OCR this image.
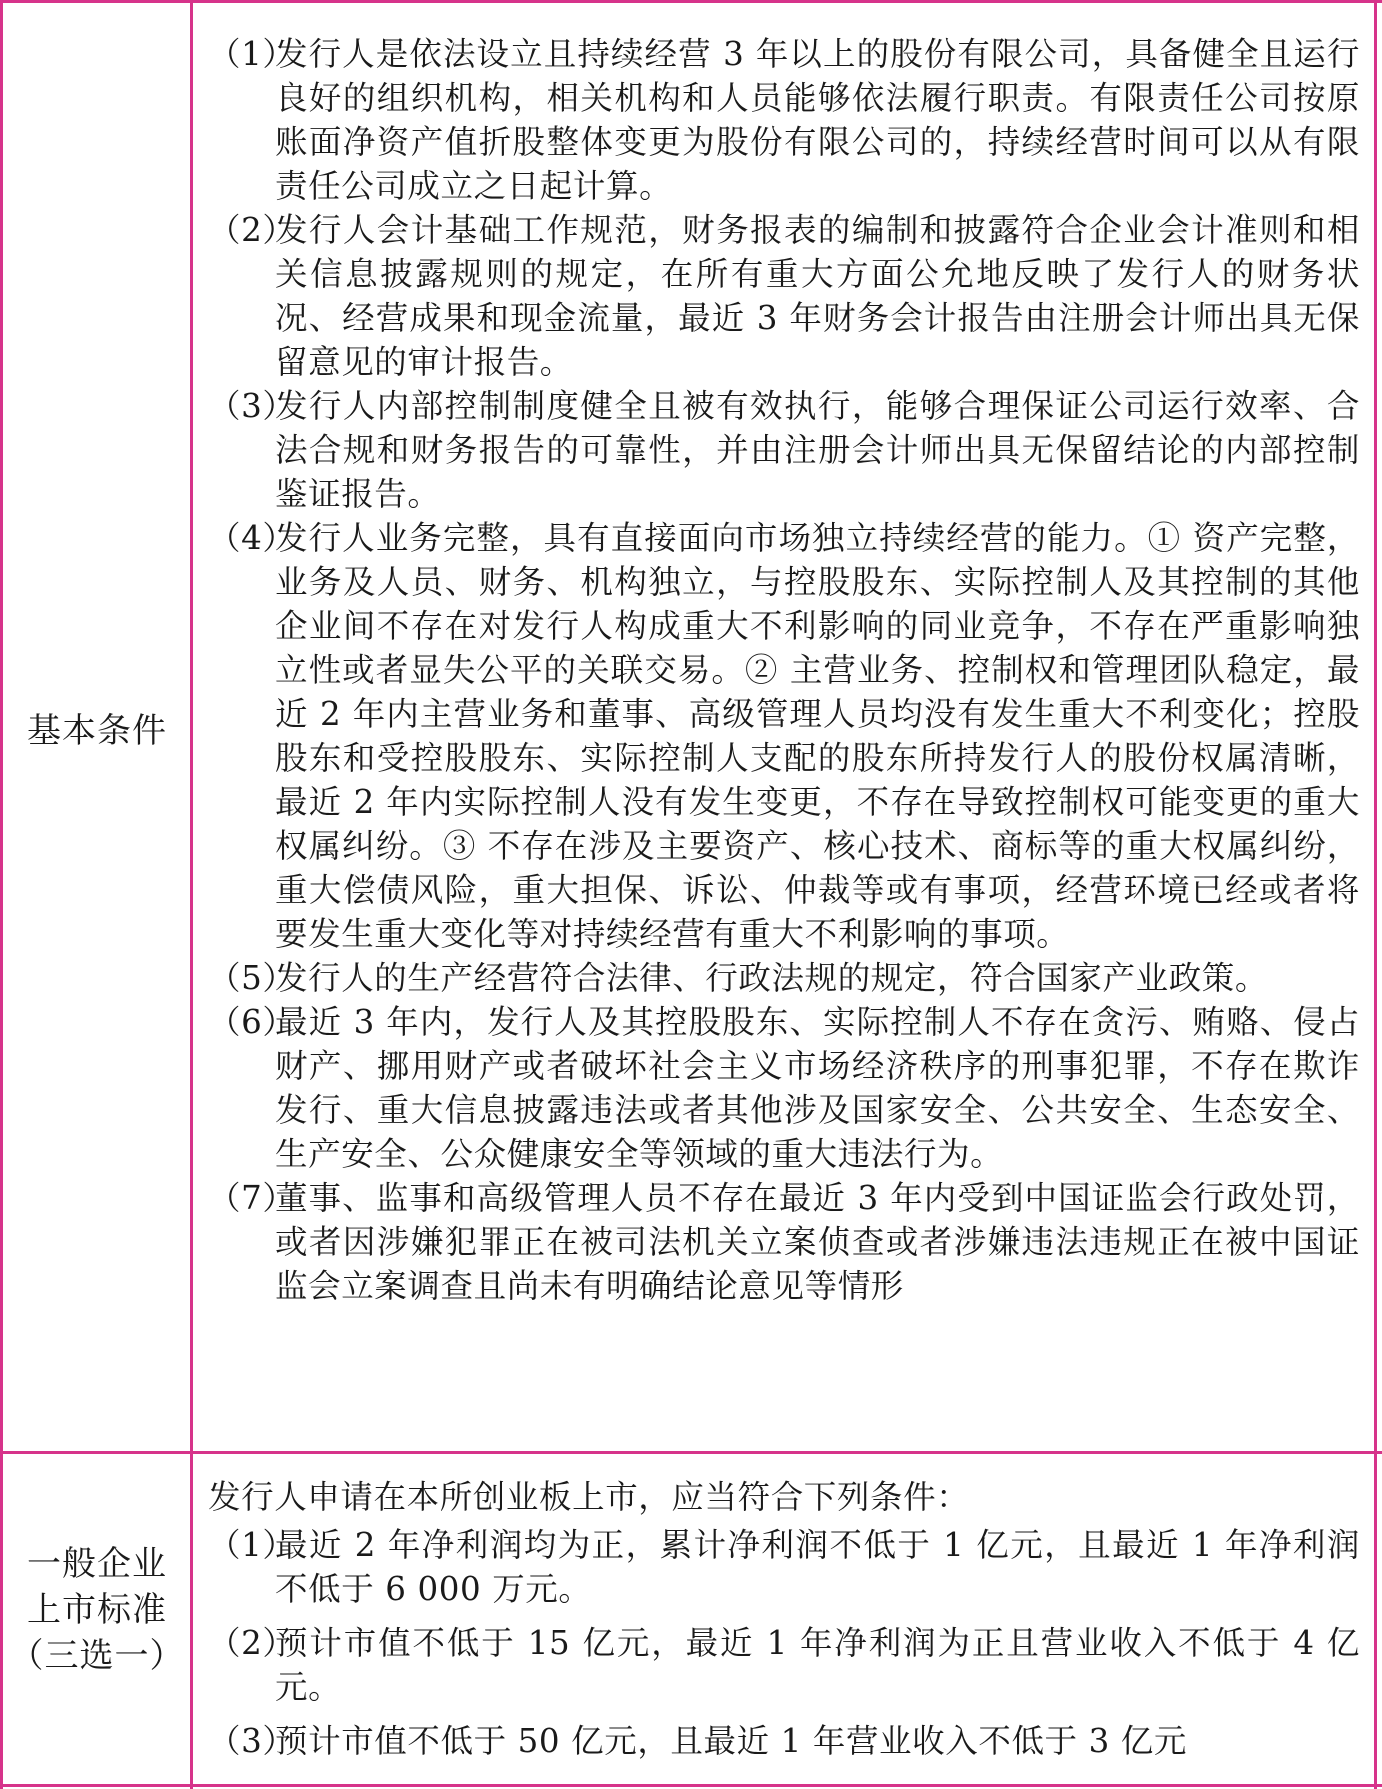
基本条件
（1）
发行人是依法设立且持续经营 3 年以上的股份有限公司，具备健全且运行良好的组织机构，相关机构和人员能够依法履行职责。有限责任公司按原账面净资产值折股整体变更为股份有限公司的，持续经营时间可以从有限责任公司成立之日起计算。
（2）
发行人会计基础工作规范，财务报表的编制和披露符合企业会计准则和相关信息披露规则的规定，在所有重大方面公允地反映了发行人的财务状况、经营成果和现金流量，最近 3 年财务会计报告由注册会计师出具无保留意见的审计报告。
（3）
发行人内部控制制度健全且被有效执行，能够合理保证公司运行效率、合法合规和财务报告的可靠性，并由注册会计师出具无保留结论的内部控制鉴证报告。
（4）
发行人业务完整，具有直接面向市场独立持续经营的能力。① 资产完整，业务及人员、财务、机构独立，与控股股东、实际控制人及其控制的其他企业间不存在对发行人构成重大不利影响的同业竞争，不存在严重影响独立性或者显失公平的关联交易。② 主营业务、控制权和管理团队稳定，最近 2 年内主营业务和董事、高级管理人员均没有发生重大不利变化；控股股东和受控股股东、实际控制人支配的股东所持发行人的股份权属清晰，最近 2 年内实际控制人没有发生变更，不存在导致控制权可能变更的重大权属纠纷。③ 不存在涉及主要资产、核心技术、商标等的重大权属纠纷，重大偿债风险，重大担保、诉讼、仲裁等或有事项，经营环境已经或者将要发生重大变化等对持续经营有重大不利影响的事项。
（5）
发行人的生产经营符合法律、行政法规的规定，符合国家产业政策。
（6）
最近 3 年内，发行人及其控股股东、实际控制人不存在贪污、贿赂、侵占财产、挪用财产或者破坏社会主义市场经济秩序的刑事犯罪，不存在欺诈发行、重大信息披露违法或者其他涉及国家安全、公共安全、生态安全、生产安全、公众健康安全等领域的重大违法行为。
（7）
董事、监事和高级管理人员不存在最近 3 年内受到中国证监会行政处罚，或者因涉嫌犯罪正在被司法机关立案侦查或者涉嫌违法违规正在被中国证监会立案调查且尚未有明确结论意见等情形
一般企业
上市标准
（三选一）

发行人申请在本所创业板上市，应当符合下列条件：

（1）
最近 2 年净利润均为正，累计净利润不低于 1 亿元，且最近 1 年净利润不低于 6 000 万元。
（2）
预计市值不低于 15 亿元，最近 1 年净利润为正且营业收入不低于 4 亿元。
（3）
预计市值不低于 50 亿元，且最近 1 年营业收入不低于 3 亿元
